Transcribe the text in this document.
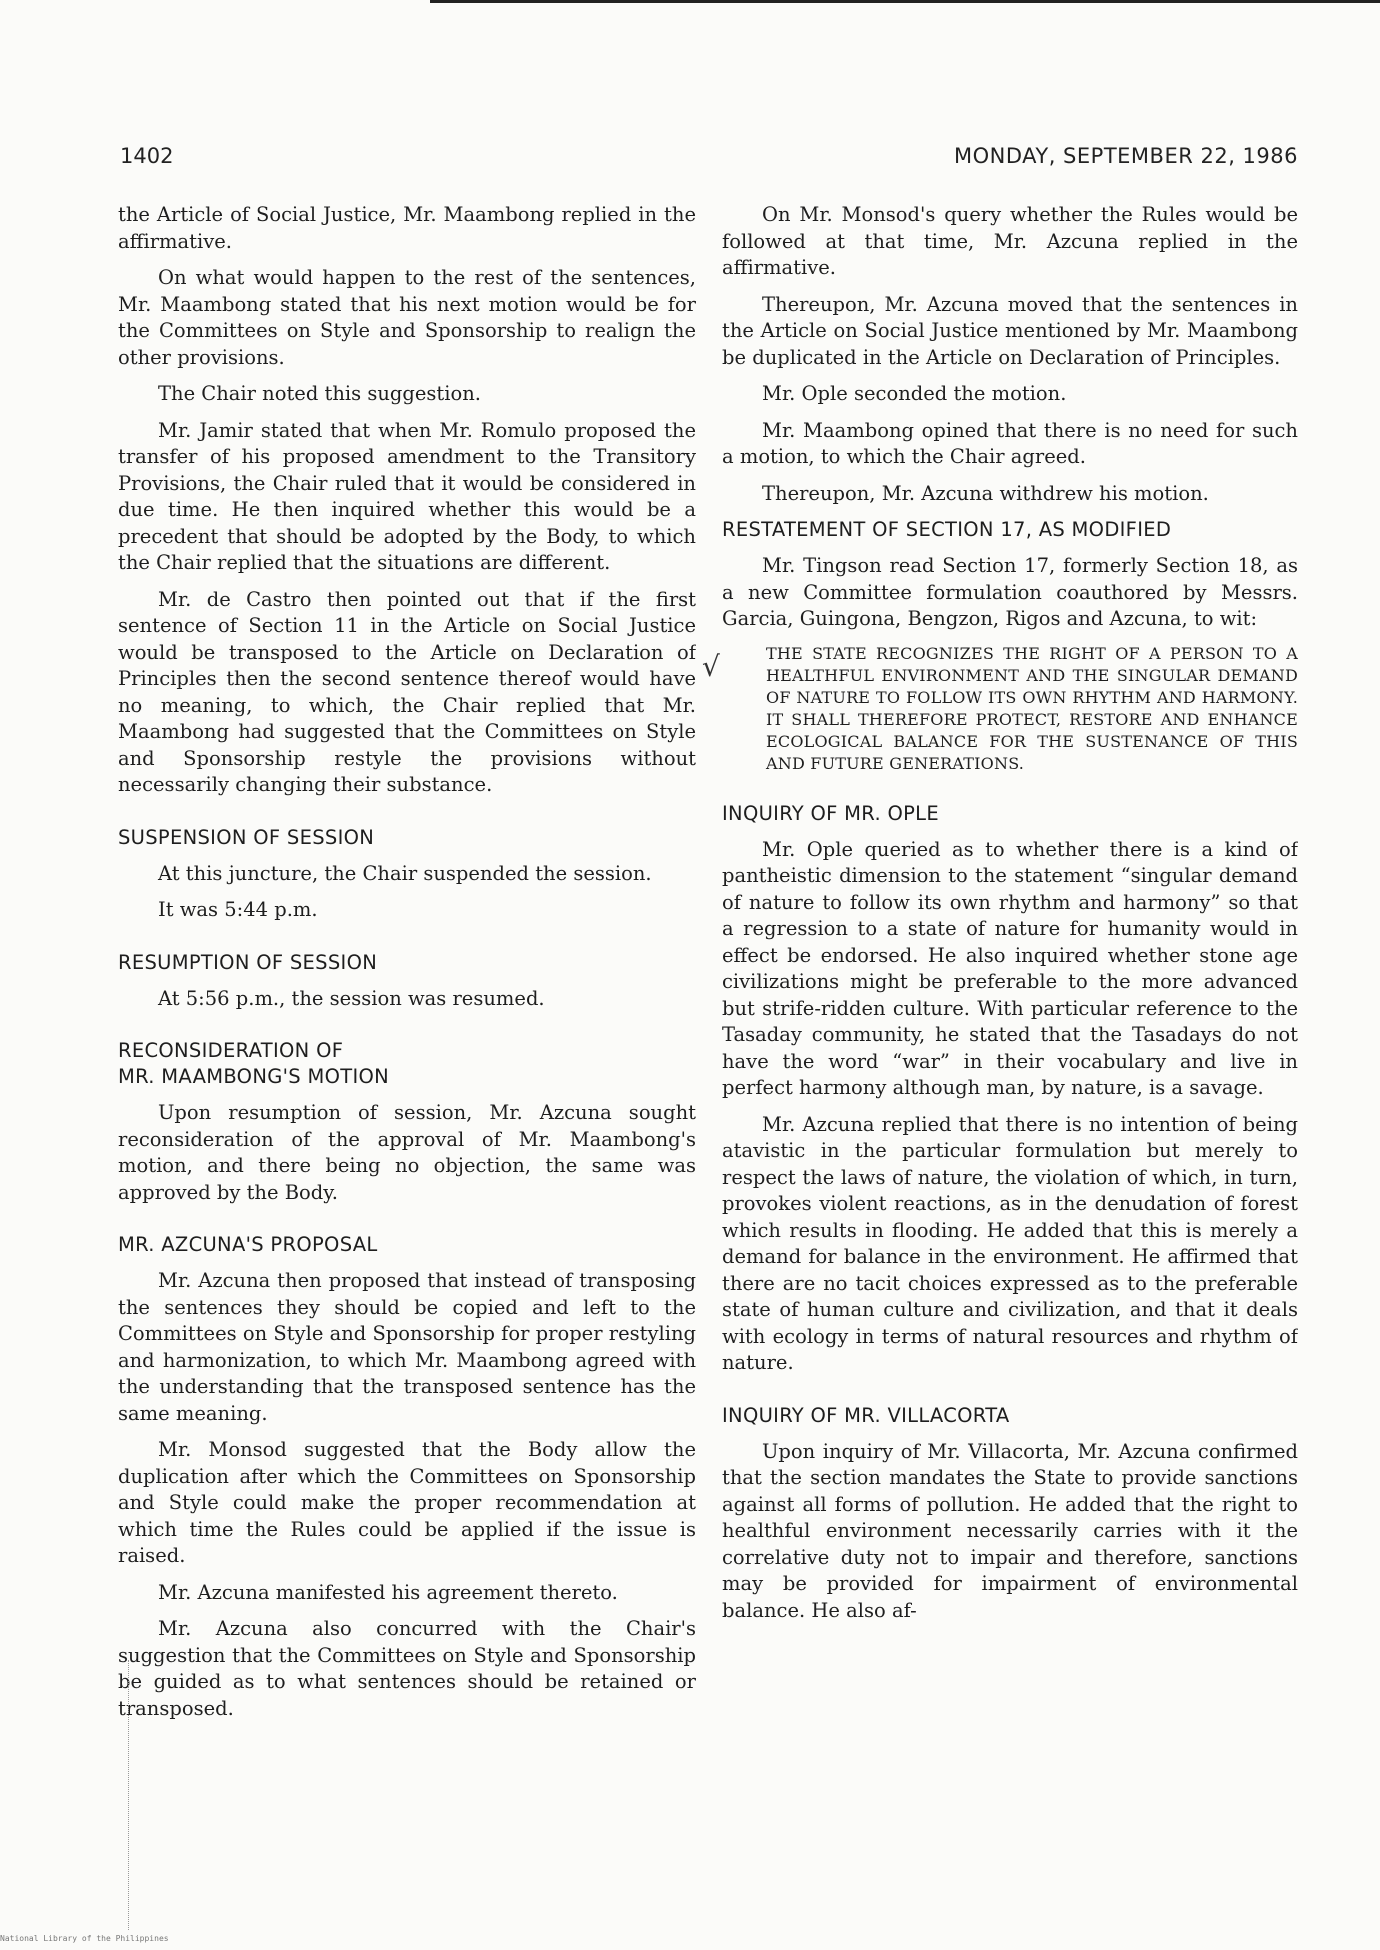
1402	MONDAY, SEPTEMBER 22, 1986

the Article of Social Justice, Mr. Maambong replied in the affirmative.

On what would happen to the rest of the sentences, Mr. Maambong stated that his next motion would be for the Committees on Style and Sponsorship to realign the other provisions.

The Chair noted this suggestion.

Mr. Jamir stated that when Mr. Romulo proposed the transfer of his proposed amendment to the Transitory Provisions, the Chair ruled that it would be considered in due time. He then inquired whether this would be a precedent that should be adopted by the Body, to which the Chair replied that the situations are different.

Mr. de Castro then pointed out that if the first sentence of Section 11 in the Article on Social Justice would be transposed to the Article on Declaration of Principles then the second sentence thereof would have no meaning, to which, the Chair replied that Mr. Maambong had suggested that the Committees on Style and Sponsorship restyle the provisions without necessarily changing their substance.

SUSPENSION OF SESSION

At this juncture, the Chair suspended the session.

It was 5:44 p.m.

RESUMPTION OF SESSION

At 5:56 p.m., the session was resumed.

RECONSIDERATION OF
MR. MAAMBONG'S MOTION

Upon resumption of session, Mr. Azcuna sought reconsideration of the approval of Mr. Maambong's motion, and there being no objection, the same was approved by the Body.

MR. AZCUNA'S PROPOSAL

Mr. Azcuna then proposed that instead of transposing the sentences they should be copied and left to the Committees on Style and Sponsorship for proper restyling and harmonization, to which Mr. Maambong agreed with the understanding that the transposed sentence has the same meaning.

Mr. Monsod suggested that the Body allow the duplication after which the Committees on Sponsorship and Style could make the proper recommendation at which time the Rules could be applied if the issue is raised.

Mr. Azcuna manifested his agreement thereto.

Mr. Azcuna also concurred with the Chair's suggestion that the Committees on Style and Sponsorship be guided as to what sentences should be retained or transposed.

√

On Mr. Monsod's query whether the Rules would be followed at that time, Mr. Azcuna replied in the affirmative.

Thereupon, Mr. Azcuna moved that the sentences in the Article on Social Justice mentioned by Mr. Maambong be duplicated in the Article on Declaration of Principles.

Mr. Ople seconded the motion.

Mr. Maambong opined that there is no need for such a motion, to which the Chair agreed.

Thereupon, Mr. Azcuna withdrew his motion.

RESTATEMENT OF SECTION 17, AS MODIFIED

Mr. Tingson read Section 17, formerly Section 18, as a new Committee formulation coauthored by Messrs. Garcia, Guingona, Bengzon, Rigos and Azcuna, to wit:

THE STATE RECOGNIZES THE RIGHT OF A PERSON TO A HEALTHFUL ENVIRONMENT AND THE SINGULAR DEMAND OF NATURE TO FOLLOW ITS OWN RHYTHM AND HARMONY. IT SHALL THEREFORE PROTECT, RESTORE AND ENHANCE ECOLOGICAL BALANCE FOR THE SUSTENANCE OF THIS AND FUTURE GENERATIONS.
INQUIRY OF MR. OPLE

Mr. Ople queried as to whether there is a kind of pantheistic dimension to the statement “singular demand of nature to follow its own rhythm and harmony” so that a regression to a state of nature for humanity would in effect be endorsed. He also inquired whether stone age civilizations might be preferable to the more advanced but strife-ridden culture. With particular reference to the Tasaday community, he stated that the Tasadays do not have the word “war” in their vocabulary and live in perfect harmony although man, by nature, is a savage.

Mr. Azcuna replied that there is no intention of being atavistic in the particular formulation but merely to respect the laws of nature, the violation of which, in turn, provokes violent reactions, as in the denudation of forest which results in flooding. He added that this is merely a demand for balance in the environment. He affirmed that there are no tacit choices expressed as to the preferable state of human culture and civilization, and that it deals with ecology in terms of natural resources and rhythm of nature.

INQUIRY OF MR. VILLACORTA

Upon inquiry of Mr. Villacorta, Mr. Azcuna confirmed that the section mandates the State to provide sanctions against all forms of pollution. He added that the right to healthful environment necessarily carries with it the correlative duty not to impair and therefore, sanctions may be provided for impairment of environmental balance. He also af-

National Library of the Philippines
